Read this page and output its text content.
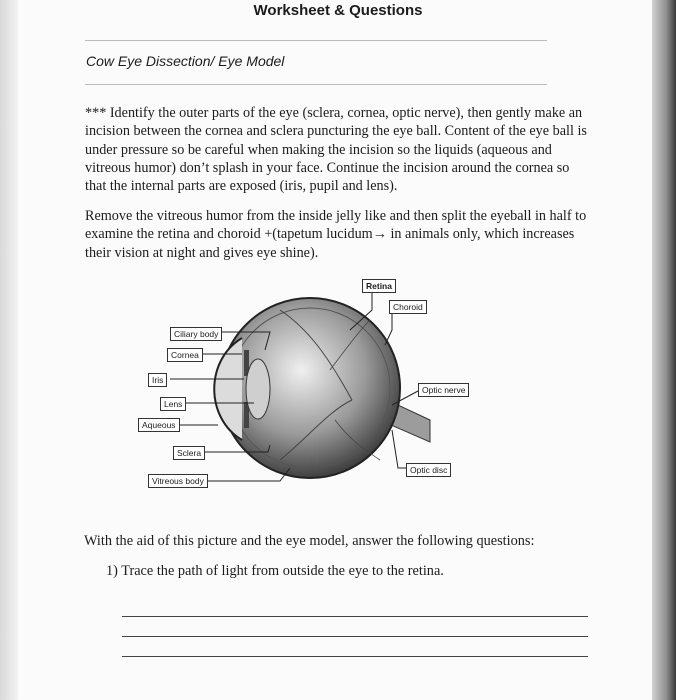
Worksheet & Questions
Cow Eye Dissection/ Eye Model

*** Identify the outer parts of the eye (sclera, cornea, optic nerve), then gently make an incision between the cornea and sclera puncturing the eye ball. Content of the eye ball is under pressure so be careful when making the incision so the liquids (aqueous and vitreous humor) don’t splash in your face. Continue the incision around the cornea so that the internal parts are exposed (iris, pupil and lens).

Remove the vitreous humor from the inside jelly like and then split the eyeball in half to examine the retina and choroid +(tapetum lucidum→ in animals only, which increases their vision at night and gives eye shine).

Retina
Choroid
Ciliary body
Cornea
Iris
Optic nerve
Lens
Aqueous
Sclera
Optic disc
Vitreous body
With the aid of this picture and the eye model, answer the following questions:
1) Trace the path of light from outside the eye to the retina.
